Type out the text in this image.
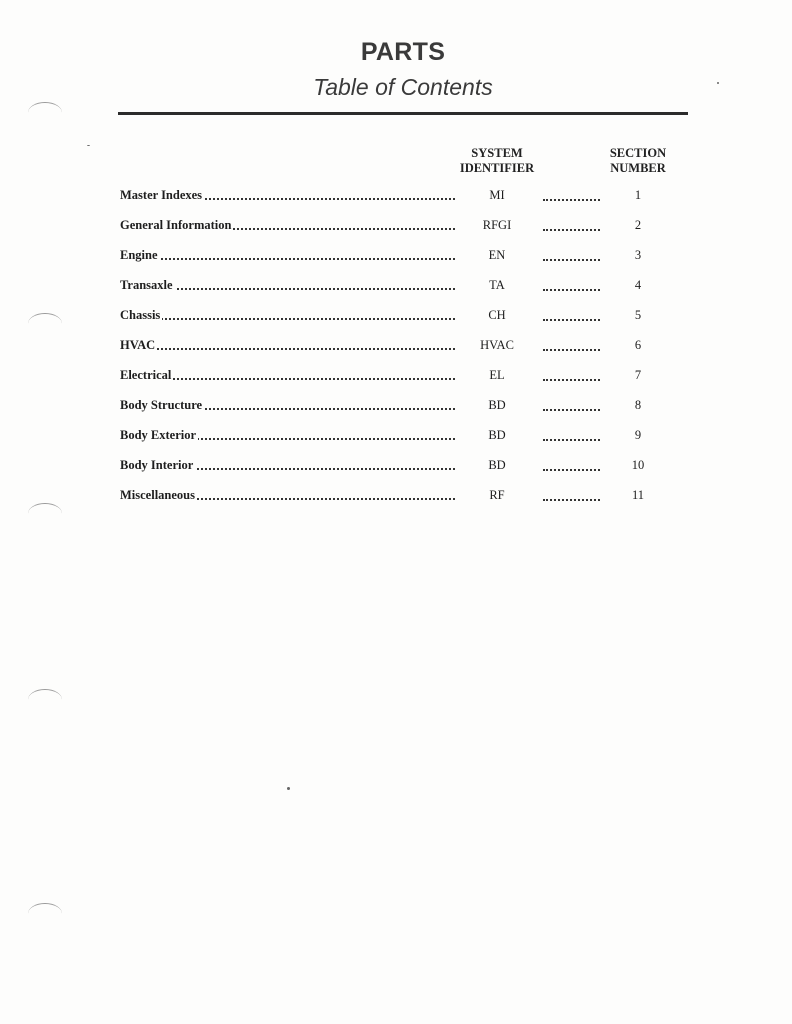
PARTS
Table of Contents
SYSTEM
IDENTIFIER
SECTION
NUMBER
Master Indexes	MI	1
General Information	RFGI	2
Engine	EN	3
Transaxle	TA	4
Chassis	CH	5
HVAC	HVAC	6
Electrical	EL	7
Body Structure	BD	8
Body Exterior	BD	9
Body Interior	BD	10
Miscellaneous	RF	11
